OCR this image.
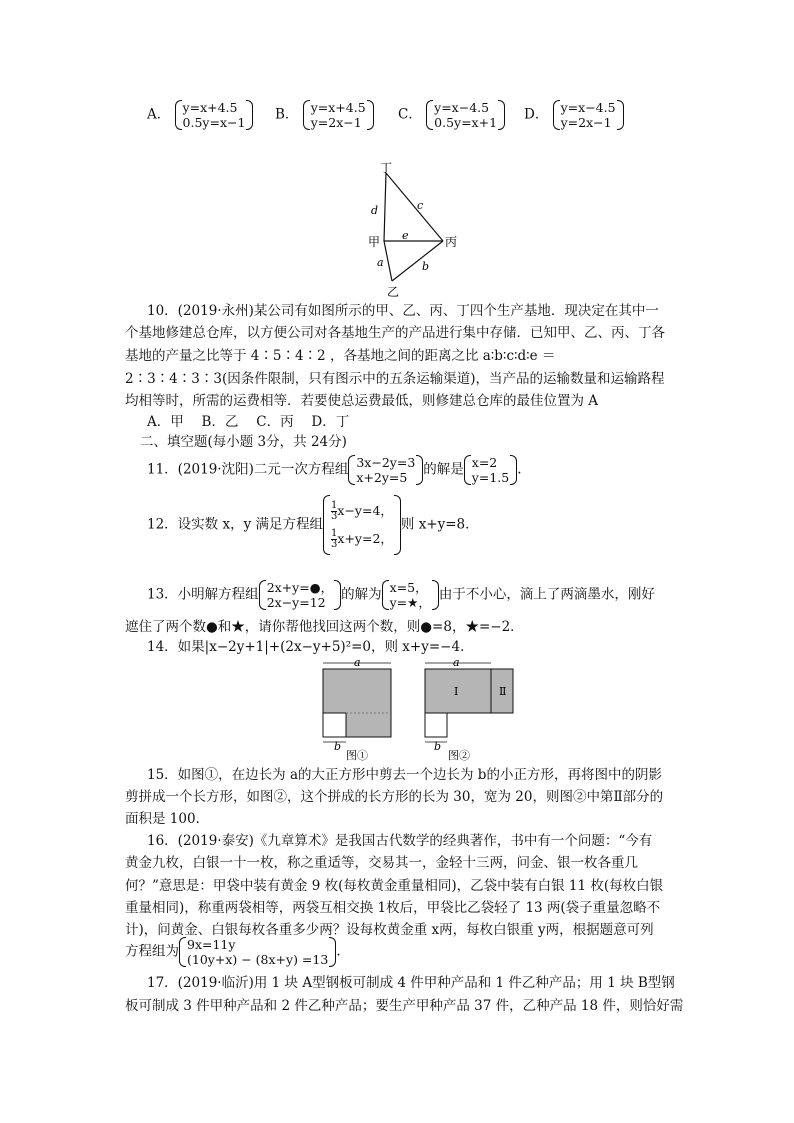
A． y=x+4.5
0.5y=x−1 B． y=x+4.5
y=2x−1	C． y=x−4.5
0.5y=x+1 D． y=x−4.5
y=2x−1
丁
甲	丙
乙
c
d
e
a	b
10．(2019·永州)某公司有如图所示的甲、乙、丙、丁四个生产基地．现决定在其中一
个基地修建总仓库，以方便公司对各基地生产的产品进行集中存储．已知甲、乙、丙、丁各
基地的产量之比等于 4∶5∶4∶2 ，各基地之间的距离之比 a∶b∶c∶d∶e ＝
2∶3∶4∶3∶3(因条件限制，只有图示中的五条运输渠道)，当产品的运输数量和运输路程
均相等时，所需的运费相等．若要使总运费最低，则修建总仓库的最佳位置为 A
A．甲　 B．乙　 C．丙　 D．丁
二、填空题(每小题 3分，共 24分)
11．(2019·沈阳)二元一次方程组 3x−2y=3
x+2y=5	的解是 x=2
y=1.5 .
12．设实数 x，y 满足方程组
$\frac{1}{3} x-y=4$，
$\frac{1}{3} x+y=2$，
则 x+y=8．
13．小明解方程组 2x+y=●，
2x−y=12	的解为 x=5，
y=★， 由于不小心，滴上了两滴墨水，刚好
遮住了两个数●和★，请你帮他找回这两个数，则●=8，★=−2．
14．如果|x−2y+1|+(2x−y+5)²=0，则 x+y=−4．
a
b
图①
a
Ⅰ	Ⅱ
b
图②
15．如图①，在边长为 a的大正方形中剪去一个边长为 b的小正方形，再将图中的阴影
剪拼成一个长方形，如图②，这个拼成的长方形的长为 30，宽为 20，则图②中第Ⅱ部分的
面积是 100.
16．(2019·泰安)《九章算术》是我国古代数学的经典著作，书中有一个问题：“今有
黄金九枚，白银一十一枚，称之重适等，交易其一，金轻十三两，问金、银一枚各重几
何？”意思是：甲袋中装有黄金 9 枚(每枚黄金重量相同)，乙袋中装有白银 11 枚(每枚白银
重量相同)，称重两袋相等，两袋互相交换 1枚后，甲袋比乙袋轻了 13 两(袋子重量忽略不
计)，问黄金、白银每枚各重多少两？设每枚黄金重 x两，每枚白银重 y两，根据题意可列
方程组为 9x=11y
(10y+x) − (8x+y) =13 .
17．(2019·临沂)用 1 块 A型钢板可制成 4 件甲种产品和 1 件乙种产品；用 1 块 B型钢
板可制成 3 件甲种产品和 2 件乙种产品；要生产甲种产品 37 件，乙种产品 18 件，则恰好需
